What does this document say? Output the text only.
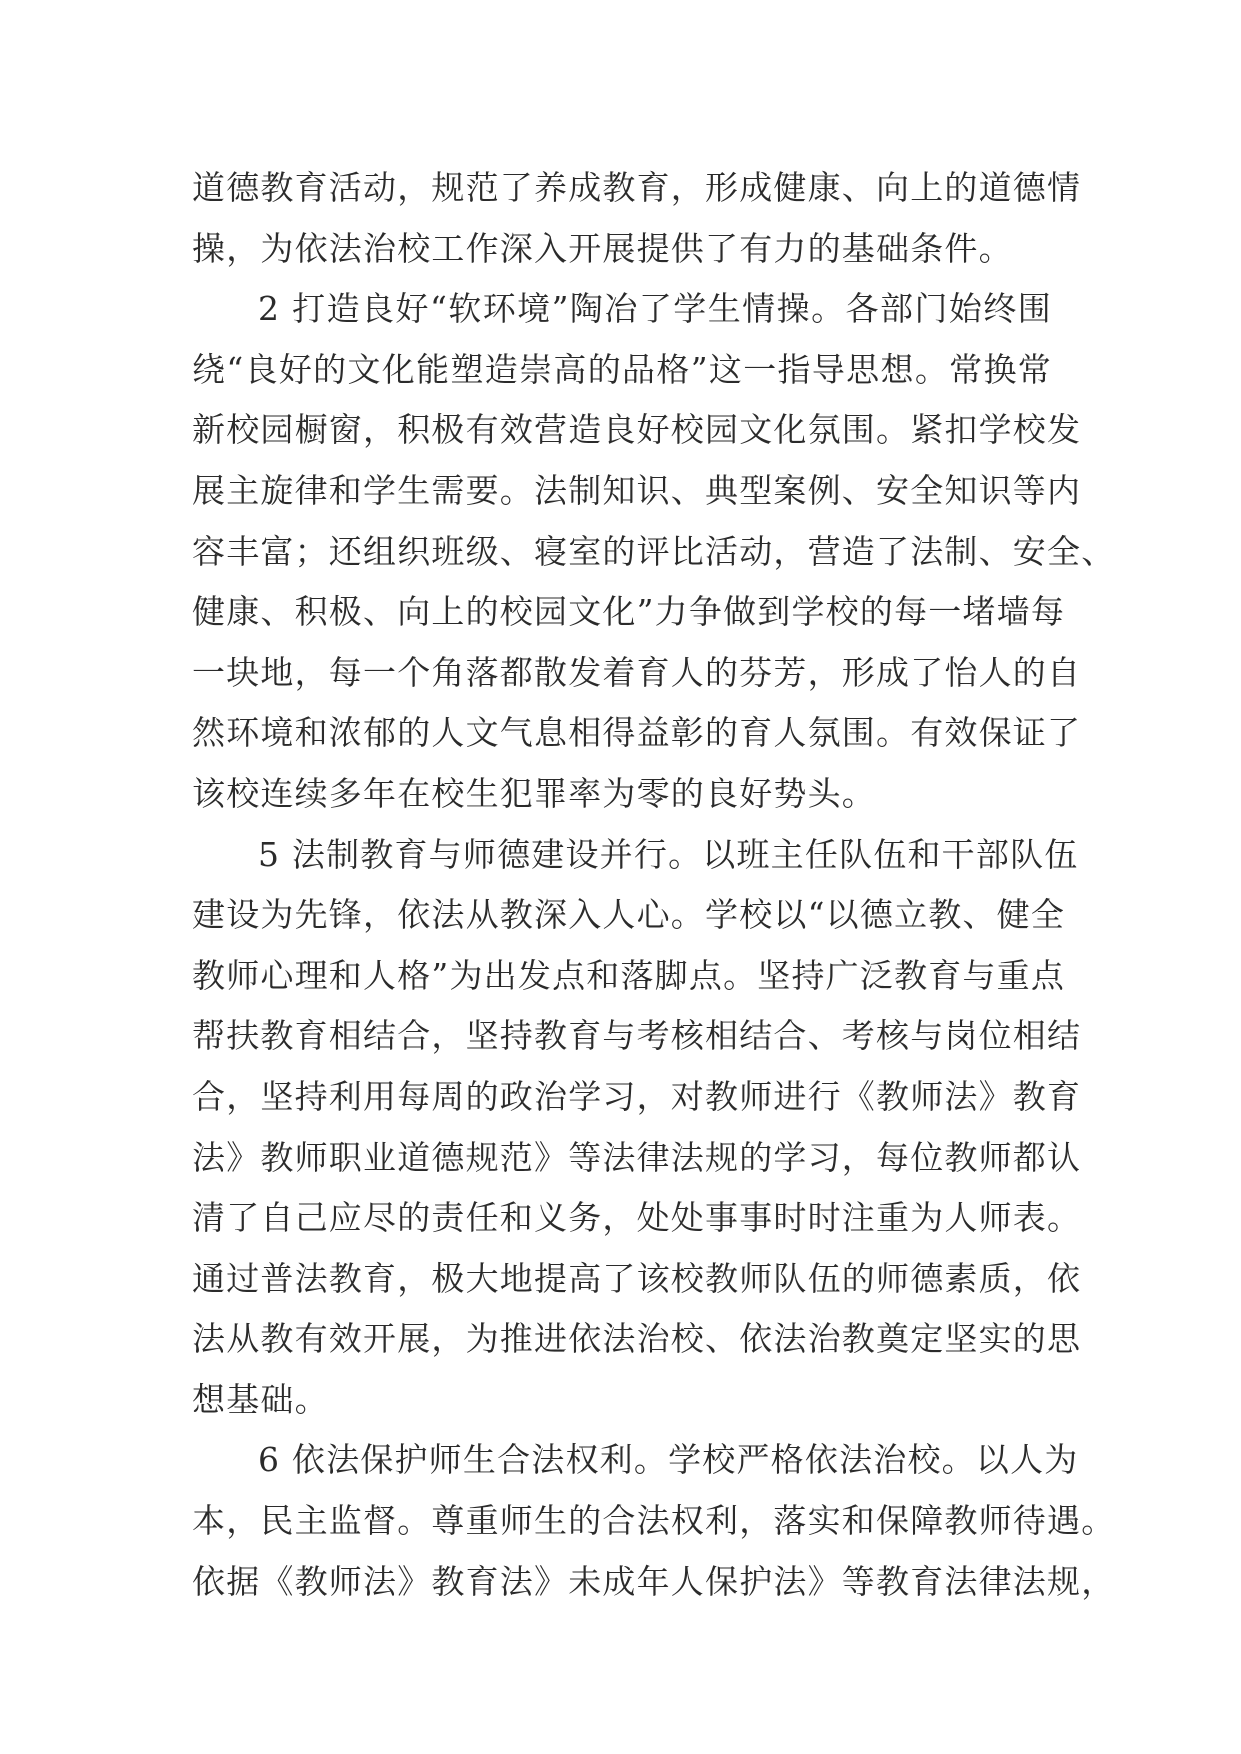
道德教育活动，规范了养成教育，形成健康、向上的道德情
操，为依法治校工作深入开展提供了有力的基础条件。

2 打造良好“软环境”陶冶了学生情操。各部门始终围
绕“良好的文化能塑造崇高的品格”这一指导思想。常换常
新校园橱窗，积极有效营造良好校园文化氛围。紧扣学校发
展主旋律和学生需要。法制知识、典型案例、安全知识等内
容丰富；还组织班级、寝室的评比活动，营造了法制、安全、
健康、积极、向上的校园文化”力争做到学校的每一堵墙每
一块地，每一个角落都散发着育人的芬芳，形成了怡人的自
然环境和浓郁的人文气息相得益彰的育人氛围。有效保证了
该校连续多年在校生犯罪率为零的良好势头。

5 法制教育与师德建设并行。以班主任队伍和干部队伍
建设为先锋，依法从教深入人心。学校以“以德立教、健全
教师心理和人格”为出发点和落脚点。坚持广泛教育与重点
帮扶教育相结合，坚持教育与考核相结合、考核与岗位相结
合，坚持利用每周的政治学习，对教师进行《教师法》教育
法》教师职业道德规范》等法律法规的学习，每位教师都认
清了自己应尽的责任和义务，处处事事时时注重为人师表。
通过普法教育，极大地提高了该校教师队伍的师德素质，依
法从教有效开展，为推进依法治校、依法治教奠定坚实的思
想基础。

6 依法保护师生合法权利。学校严格依法治校。以人为
本，民主监督。尊重师生的合法权利，落实和保障教师待遇。
依据《教师法》教育法》未成年人保护法》等教育法律法规，
